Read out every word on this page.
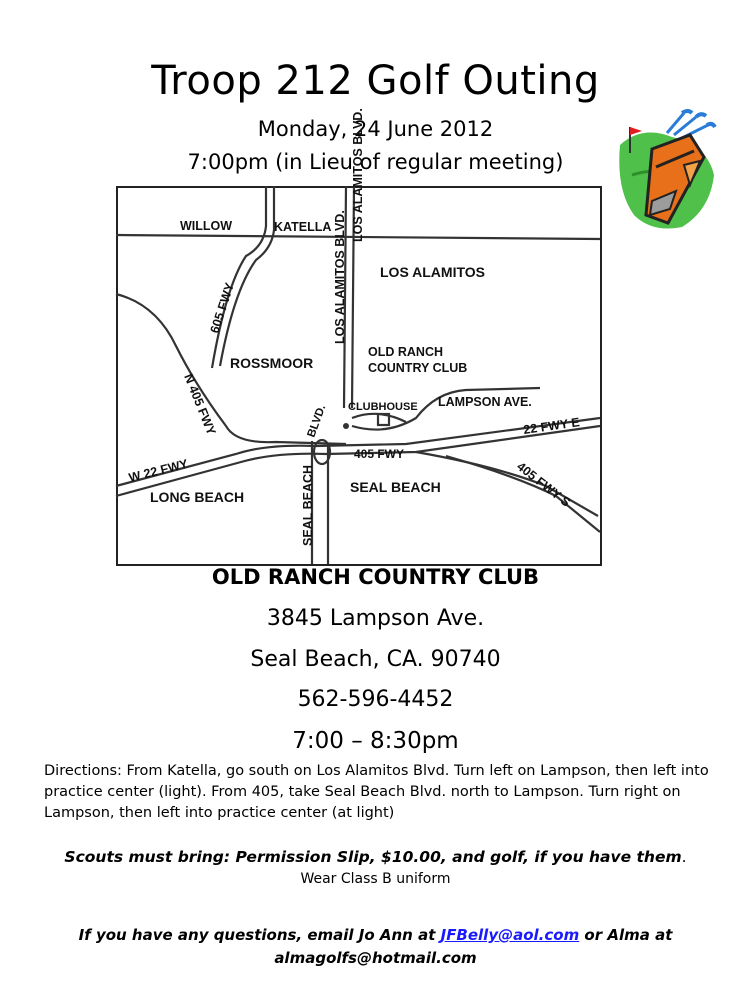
Troop 212 Golf Outing
Monday, 24 June 2012
7:00pm (in Lieu of regular meeting)
WILLOW	KATELLA LOS ALAMITOS BLVD.
LOS ALAMITOS BLVD. LOS ALAMITOS
605 FWY
ROSSMOOR
OLD RANCH
COUNTRY CLUB
N 405 FWY	CLUBHOUSE LAMPSON AVE.
22 FWY E
BLVD.
W 22 FWY
405 FWY
405 FWY S
LONG BEACH	SEAL BEACH	SEAL BEACH
OLD RANCH COUNTRY CLUB
3845 Lampson Ave.
Seal Beach, CA. 90740
562-596-4452
7:00 – 8:30pm
Directions: From Katella, go south on Los Alamitos Blvd. Turn left on Lampson, then left into practice center (light). From 405, take Seal Beach Blvd. north to Lampson. Turn right on Lampson, then left into practice center (at light)
Scouts must bring: Permission Slip, $10.00, and golf, if you have them.
Wear Class B uniform
If you have any questions, email Jo Ann at JFBelly@aol.com or Alma at
almagolfs@hotmail.com
